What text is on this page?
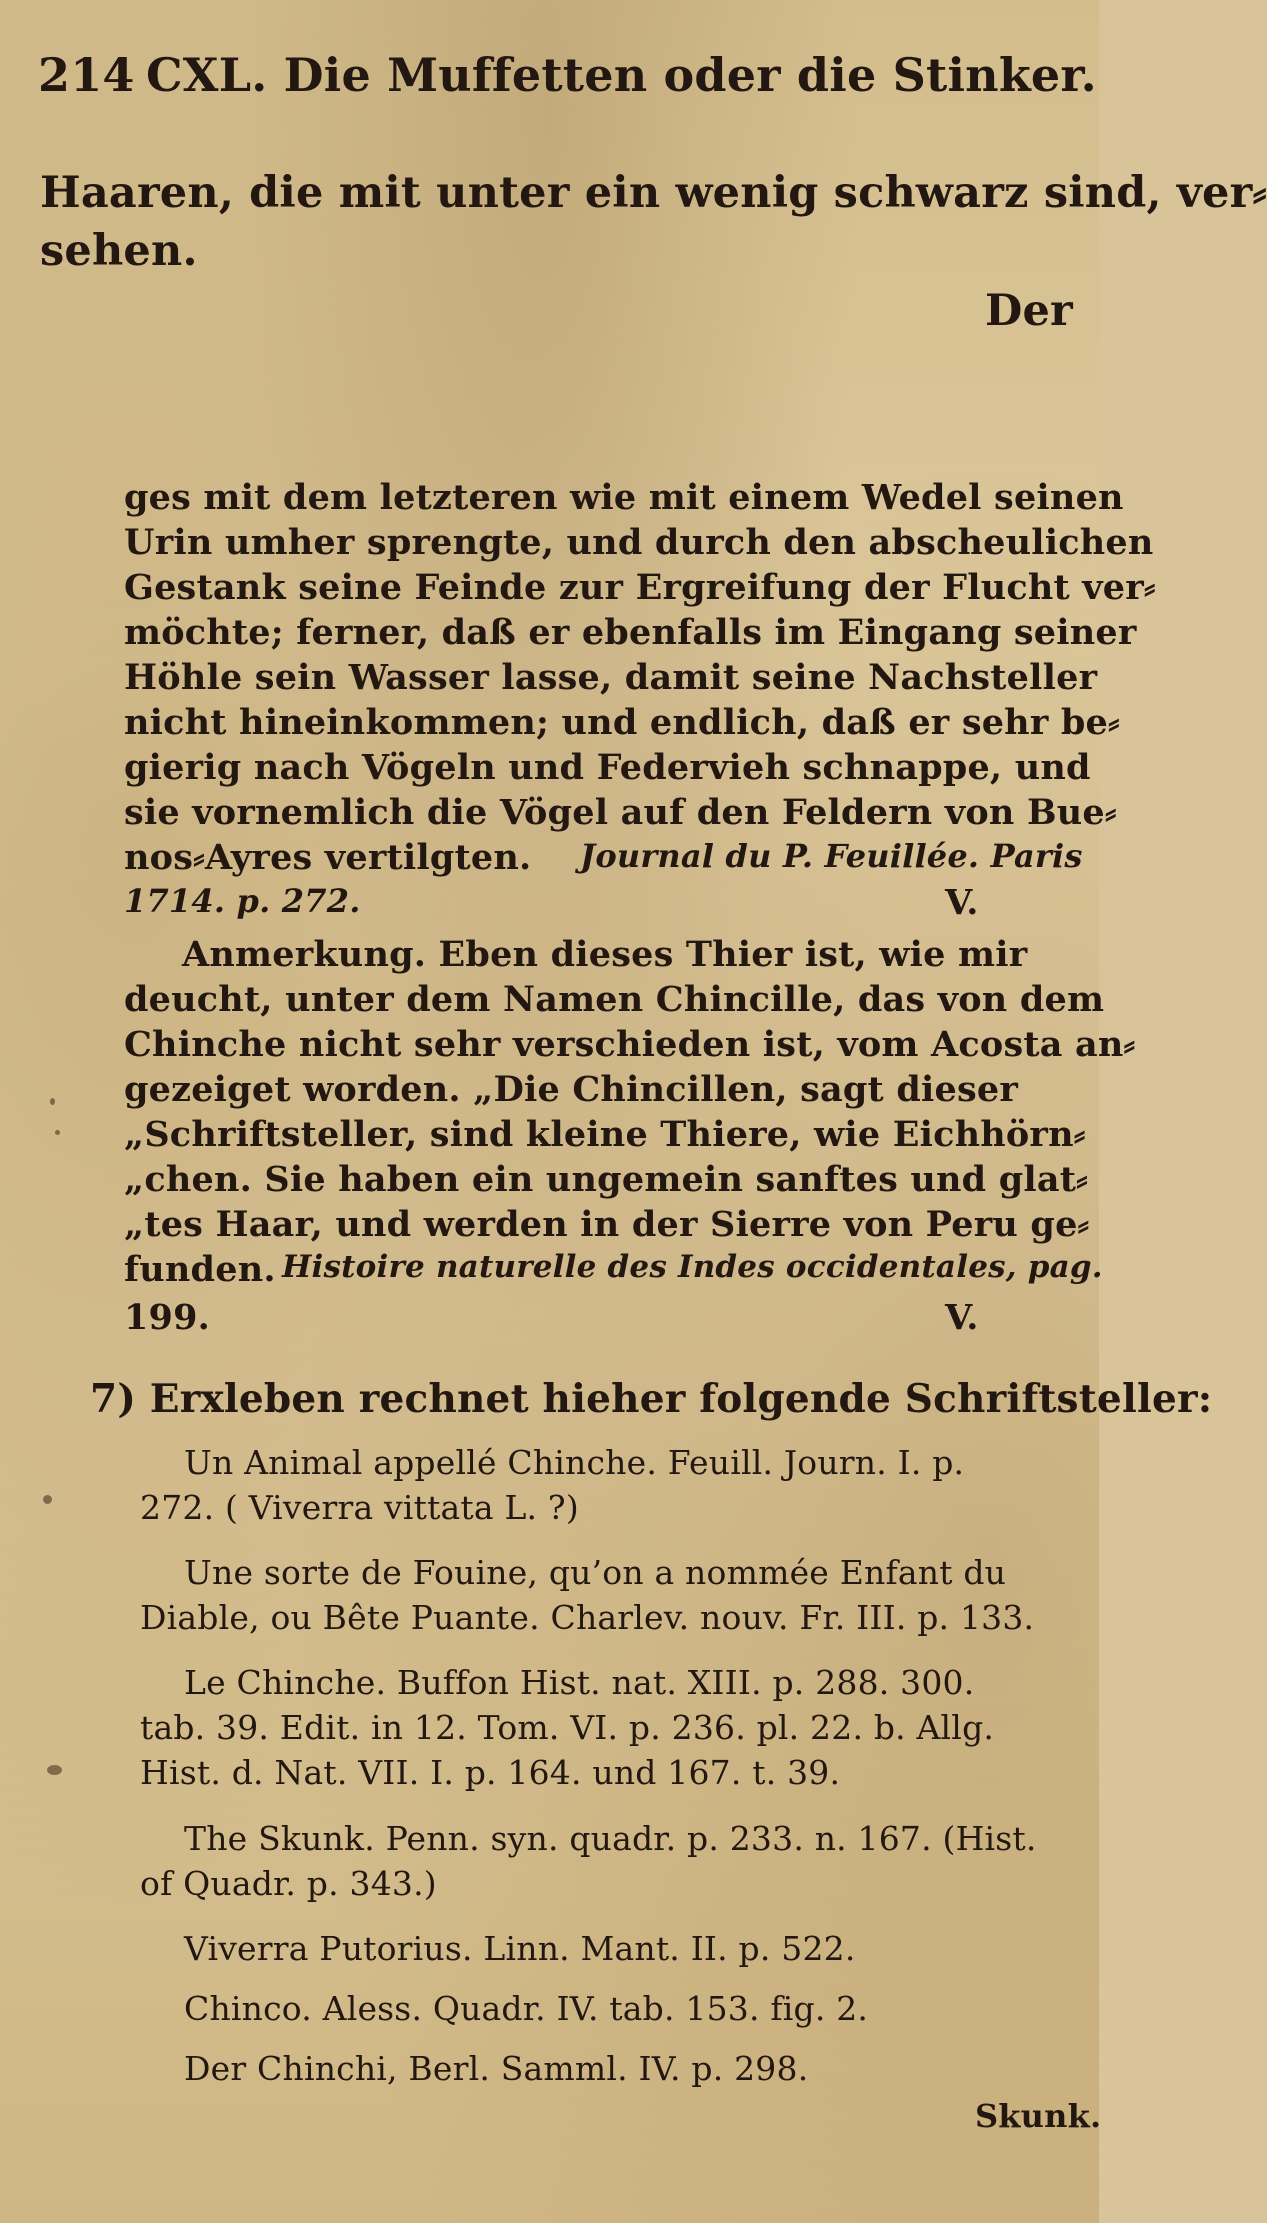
214 CXL. Die Muffetten oder die Stinker.
Haaren, die mit unter ein wenig schwarz sind, ver⸗
sehen.
Der
ges mit dem letzteren wie mit einem Wedel seinen
Urin umher sprengte, und durch den abscheulichen
Gestank seine Feinde zur Ergreifung der Flucht ver⸗
möchte; ferner, daß er ebenfalls im Eingang seiner
Höhle sein Wasser lasse, damit seine Nachsteller
nicht hineinkommen; und endlich, daß er sehr be⸗
gierig nach Vögeln und Federvieh schnappe, und
sie vornemlich die Vögel auf den Feldern von Bue⸗
nos⸗Ayres vertilgten. Journal du P. Feuillée. Paris
1714. p. 272.	V.
Anmerkung. Eben dieses Thier ist, wie mir
deucht, unter dem Namen Chincille, das von dem
Chinche nicht sehr verschieden ist, vom Acosta an⸗
gezeiget worden. „Die Chincillen, sagt dieser
„Schriftsteller, sind kleine Thiere, wie Eichhörn⸗
„chen. Sie haben ein ungemein sanftes und glat⸗
„tes Haar, und werden in der Sierre von Peru ge⸗
funden. Histoire naturelle des Indes occidentales, pag.
199.	V.
7) Erxleben rechnet hieher folgende Schriftsteller:
Un Animal appellé Chinche. Feuill. Journ. I. p.
272. ( Viverra vittata L. ?)
Une sorte de Fouine, qu’on a nommée Enfant du
Diable, ou Bête Puante. Charlev. nouv. Fr. III. p. 133.
Le Chinche. Buffon Hist. nat. XIII. p. 288. 300.
tab. 39. Edit. in 12. Tom. VI. p. 236. pl. 22. b. Allg.
Hist. d. Nat. VII. I. p. 164. und 167. t. 39.
The Skunk. Penn. syn. quadr. p. 233. n. 167. (Hist.
of Quadr. p. 343.)
Viverra Putorius. Linn. Mant. II. p. 522.
Chinco. Aless. Quadr. IV. tab. 153. fig. 2.
Der Chinchi, Berl. Samml. IV. p. 298.
Skunk.
